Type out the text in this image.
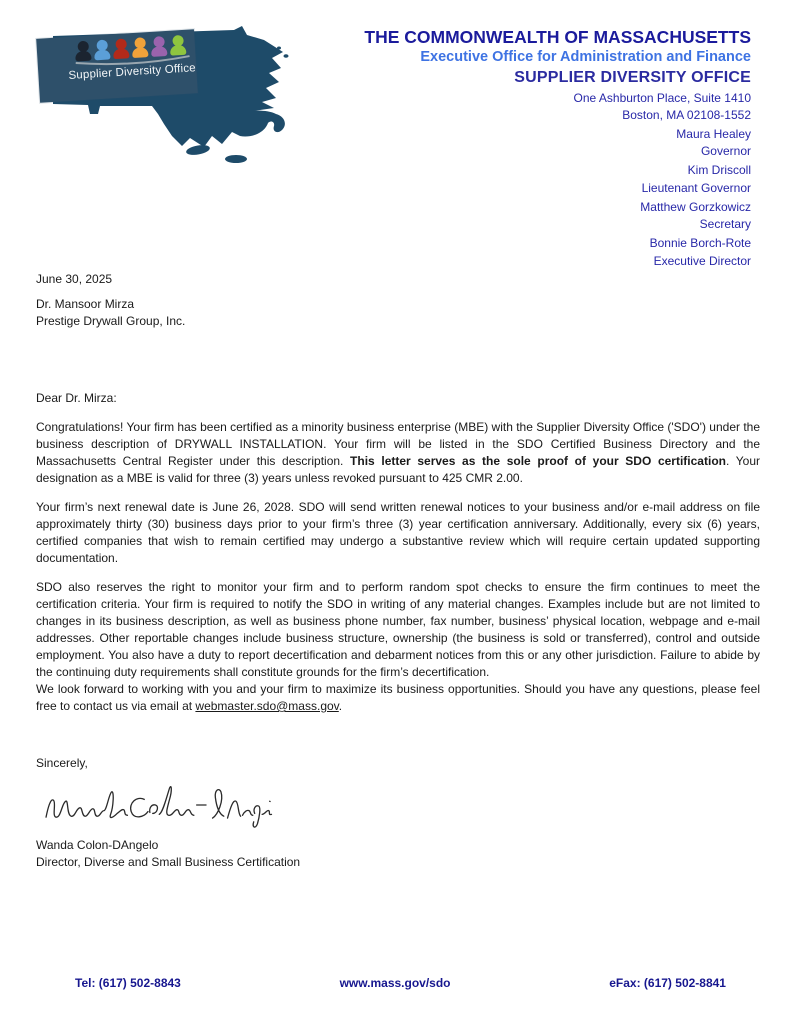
Supplier Diversity Office
THE COMMONWEALTH OF MASSACHUSETTS
Executive Office for Administration and Finance
SUPPLIER DIVERSITY OFFICE
One Ashburton Place, Suite 1410
Boston, MA 02108-1552
Maura Healey
Governor
Kim Driscoll
Lieutenant Governor
Matthew Gorzkowicz
Secretary
Bonnie Borch-Rote
Executive Director
June 30, 2025
Dr. Mansoor Mirza
Prestige Drywall Group, Inc.
Dear Dr. Mirza:
Congratulations! Your firm has been certified as a minority business enterprise (MBE) with the Supplier Diversity Office ('SDO') under the business description of DRYWALL INSTALLATION. Your firm will be listed in the SDO Certified Business Directory and the Massachusetts Central Register under this description. This letter serves as the sole proof of your SDO certification. Your designation as a MBE is valid for three (3) years unless revoked pursuant to 425 CMR 2.00.
Your firm’s next renewal date is June 26, 2028. SDO will send written renewal notices to your business and/or e-mail address on file approximately thirty (30) business days prior to your firm’s three (3) year certification anniversary. Additionally, every six (6) years, certified companies that wish to remain certified may undergo a substantive review which will require certain updated supporting documentation.
SDO also reserves the right to monitor your firm and to perform random spot checks to ensure the firm continues to meet the certification criteria. Your firm is required to notify the SDO in writing of any material changes. Examples include but are not limited to changes in its business description, as well as business phone number, fax number, business’ physical location, webpage and e-mail addresses. Other reportable changes include business structure, ownership (the business is sold or transferred), control and outside employment. You also have a duty to report decertification and debarment notices from this or any other jurisdiction. Failure to abide by the continuing duty requirements shall constitute grounds for the firm’s decertification.
We look forward to working with you and your firm to maximize its business opportunities. Should you have any questions, please feel free to contact us via email at webmaster.sdo@mass.gov.
Sincerely,
Wanda Colon-DAngelo
Director, Diverse and Small Business Certification
Tel: (617) 502-8843	www.mass.gov/sdo	eFax: (617) 502-8841
